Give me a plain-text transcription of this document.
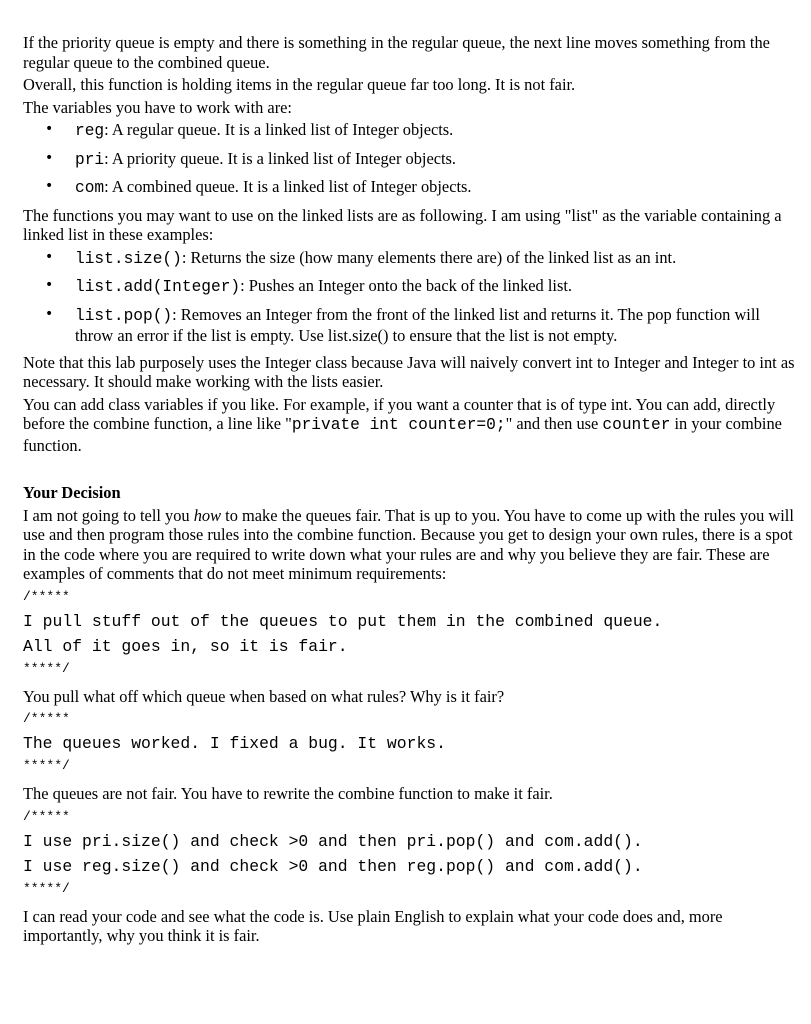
If the priority queue is empty and there is something in the regular queue, the next line moves something from the regular queue to the combined queue.

Overall, this function is holding items in the regular queue far too long. It is not fair.

The variables you have to work with are:

• reg: A regular queue. It is a linked list of Integer objects.
• pri: A priority queue. It is a linked list of Integer objects.
• com: A combined queue. It is a linked list of Integer objects.

The functions you may want to use on the linked lists are as following. I am using "list" as the variable containing a linked list in these examples:

• list.size(): Returns the size (how many elements there are) of the linked list as an int.
• list.add(Integer): Pushes an Integer onto the back of the linked list.
• list.pop(): Removes an Integer from the front of the linked list and returns it. The pop function will throw an error if the list is empty. Use list.size() to ensure that the list is not empty.

Note that this lab purposely uses the Integer class because Java will naively convert int to Integer and Integer to int as necessary. It should make working with the lists easier.

You can add class variables if you like. For example, if you want a counter that is of type int. You can add, directly before the combine function, a line like "private int counter=0;" and then use counter in your combine function.

Your Decision

I am not going to tell you how to make the queues fair. That is up to you. You have to come up with the rules you will use and then program those rules into the combine function. Because you get to design your own rules, there is a spot in the code where you are required to write down what your rules are and why you believe they are fair. These are examples of comments that do not meet minimum requirements:

/*****
I pull stuff out of the queues to put them in the combined queue.
All of it goes in, so it is fair.
*****/

You pull what off which queue when based on what rules? Why is it fair?

/*****
The queues worked. I fixed a bug. It works.
*****/

The queues are not fair. You have to rewrite the combine function to make it fair.

/*****
I use pri.size() and check >0 and then pri.pop() and com.add().
I use reg.size() and check >0 and then reg.pop() and com.add().
*****/

I can read your code and see what the code is. Use plain English to explain what your code does and, more importantly, why you think it is fair.
